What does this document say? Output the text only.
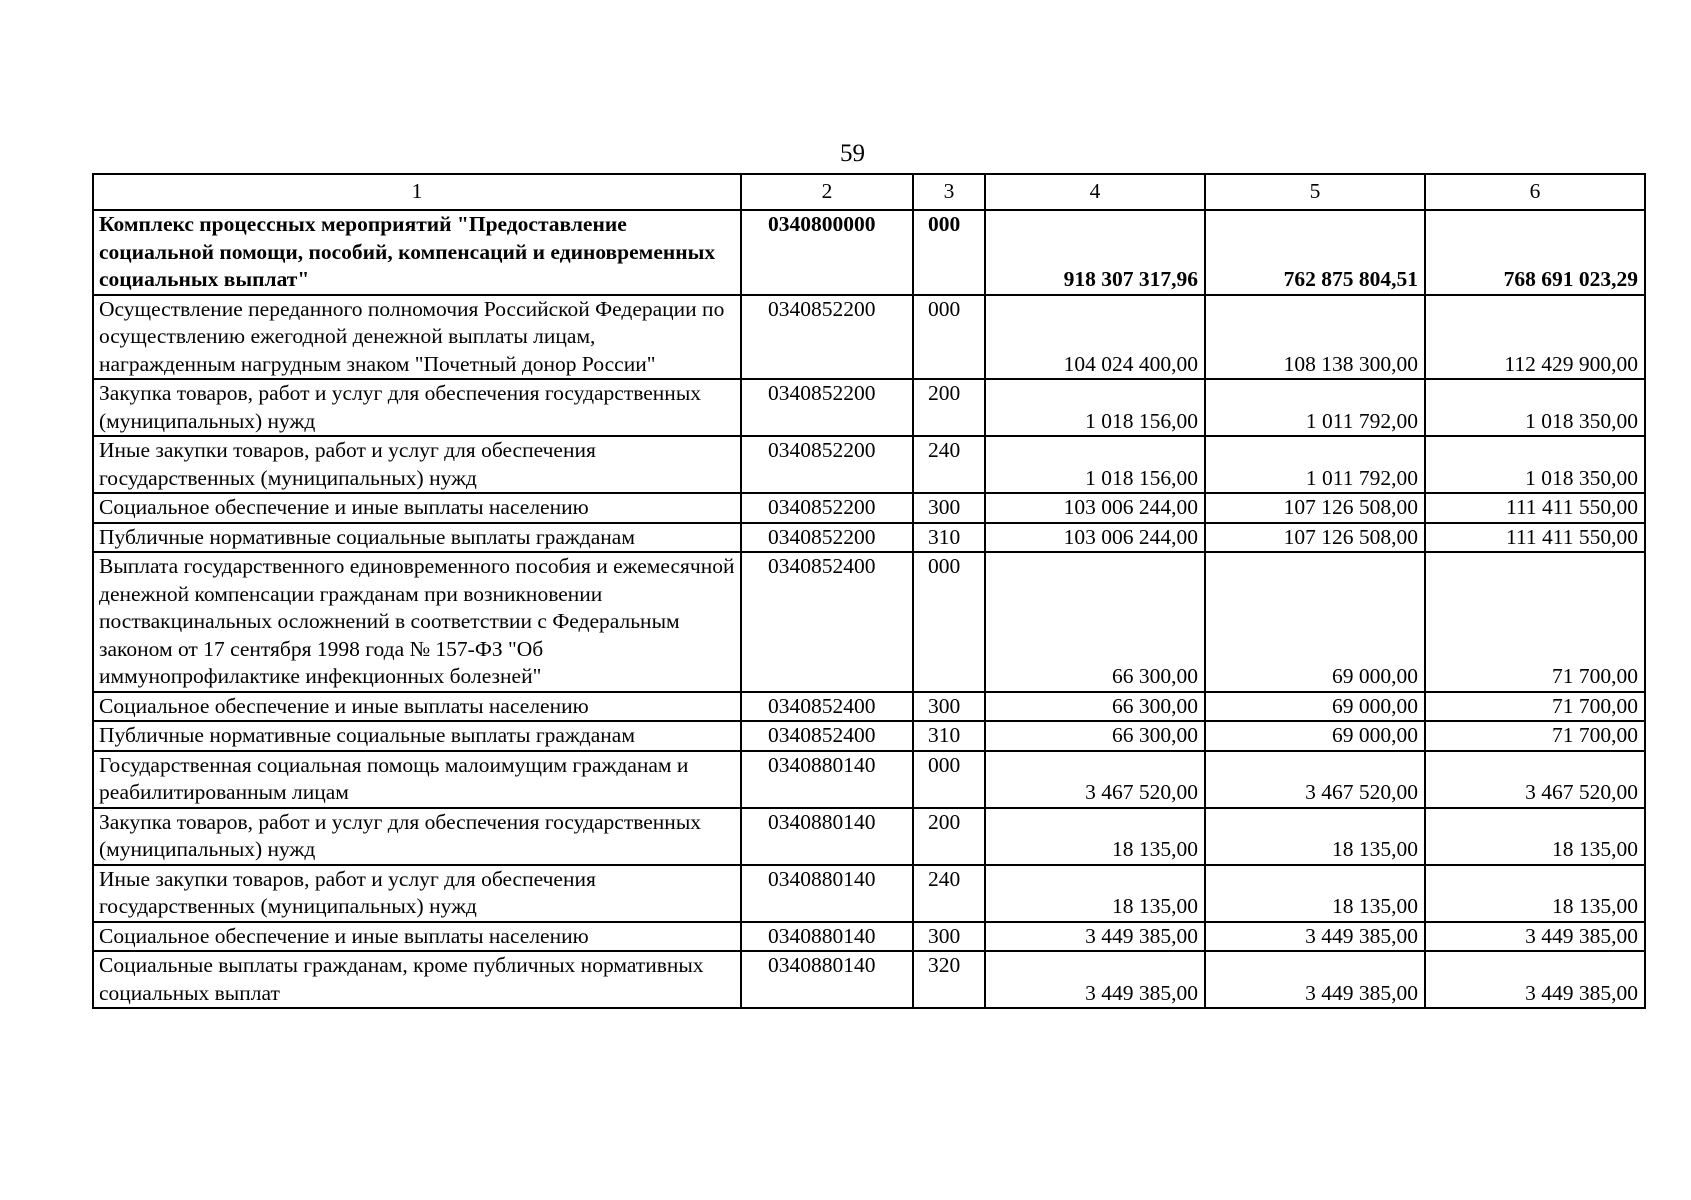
59
1	2	3	4	5	6
Комплекс процессных мероприятий "Предоставление социальной помощи, пособий, компенсаций и единовременных социальных выплат"	0340800000	000	918 307 317,96	762 875 804,51	768 691 023,29
Осуществление переданного полномочия Российской Федерации по осуществлению ежегодной денежной выплаты лицам, награжденным нагрудным знаком "Почетный донор России"	0340852200	000	104 024 400,00	108 138 300,00	112 429 900,00
Закупка товаров, работ и услуг для обеспечения государственных (муниципальных) нужд	0340852200	200	1 018 156,00	1 011 792,00	1 018 350,00
Иные закупки товаров, работ и услуг для обеспечения государственных (муниципальных) нужд	0340852200	240	1 018 156,00	1 011 792,00	1 018 350,00
Социальное обеспечение и иные выплаты населению	0340852200	300	103 006 244,00	107 126 508,00	111 411 550,00
Публичные нормативные социальные выплаты гражданам	0340852200	310	103 006 244,00	107 126 508,00	111 411 550,00
Выплата государственного единовременного пособия и ежемесячной денежной компенсации гражданам при возникновении поствакцинальных осложнений в соответствии с Федеральным законом от 17 сентября 1998 года № 157-ФЗ "Об иммунопрофилактике инфекционных болезней"	0340852400	000	66 300,00	69 000,00	71 700,00
Социальное обеспечение и иные выплаты населению	0340852400	300	66 300,00	69 000,00	71 700,00
Публичные нормативные социальные выплаты гражданам	0340852400	310	66 300,00	69 000,00	71 700,00
Государственная социальная помощь малоимущим гражданам и реабилитированным лицам	0340880140	000	3 467 520,00	3 467 520,00	3 467 520,00
Закупка товаров, работ и услуг для обеспечения государственных (муниципальных) нужд	0340880140	200	18 135,00	18 135,00	18 135,00
Иные закупки товаров, работ и услуг для обеспечения государственных (муниципальных) нужд	0340880140	240	18 135,00	18 135,00	18 135,00
Социальное обеспечение и иные выплаты населению	0340880140	300	3 449 385,00	3 449 385,00	3 449 385,00
Социальные выплаты гражданам, кроме публичных нормативных социальных выплат	0340880140	320	3 449 385,00	3 449 385,00	3 449 385,00
